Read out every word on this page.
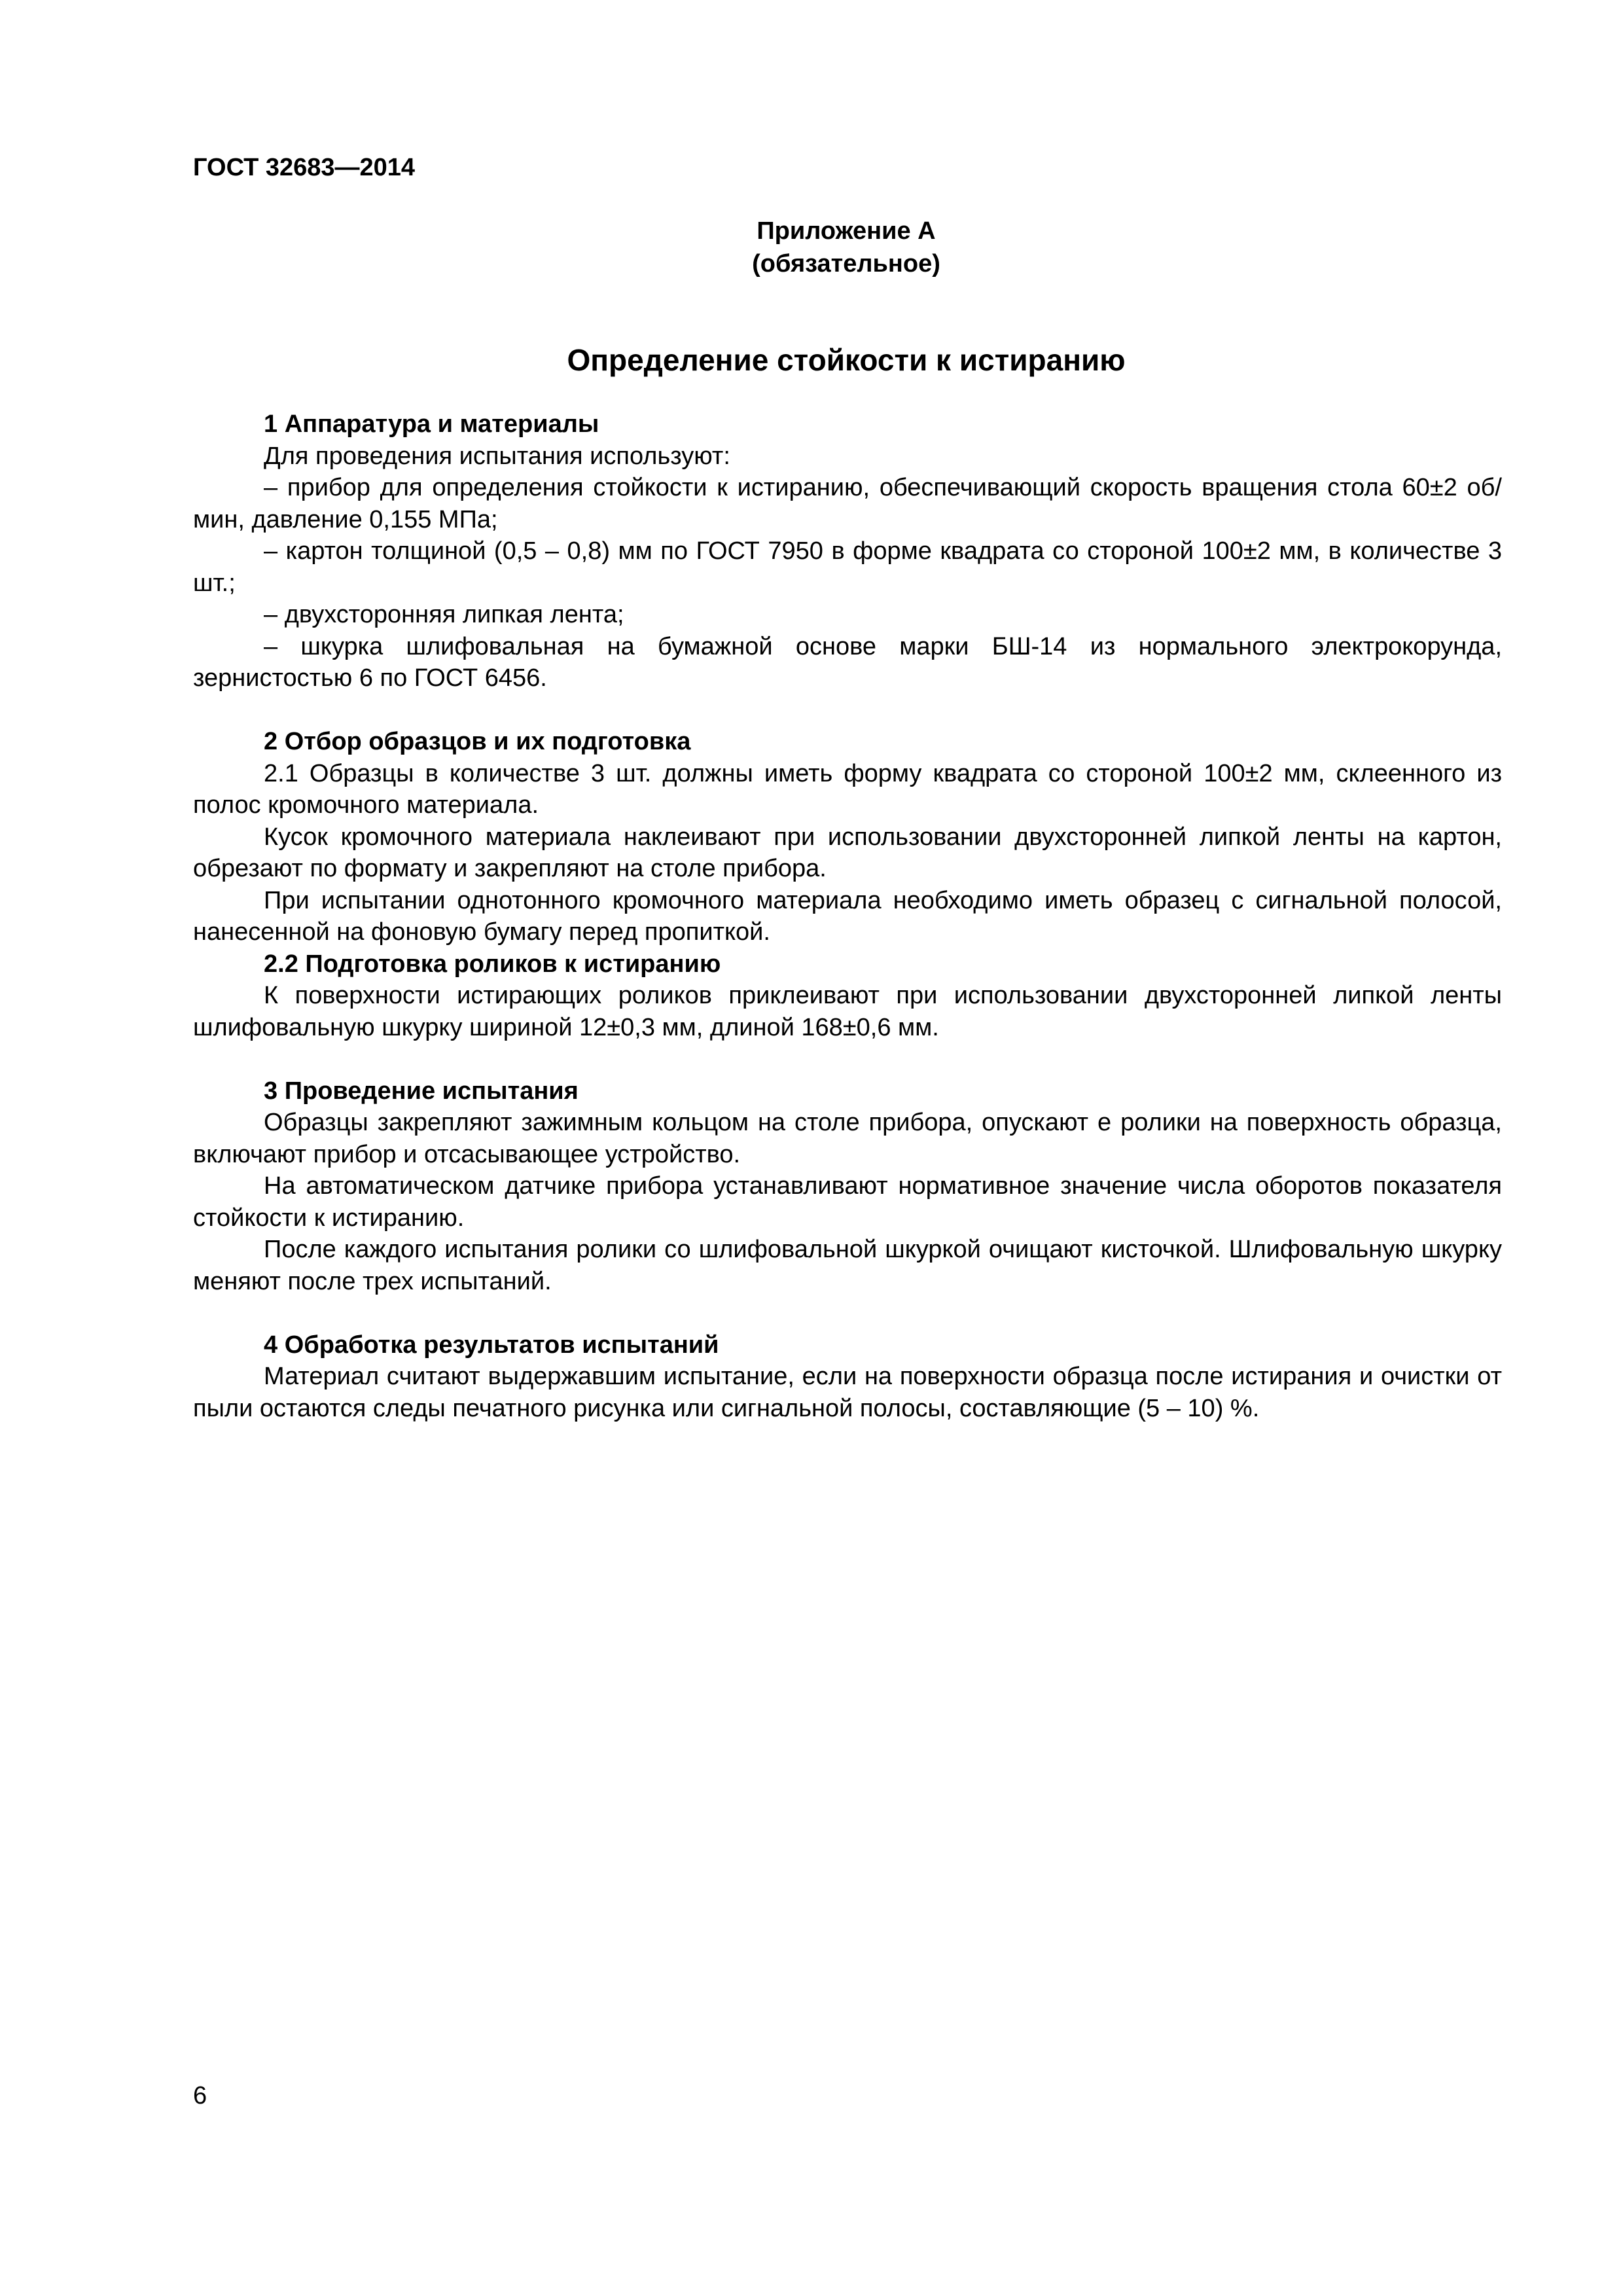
ГОСТ 32683—2014
Приложение А
(обязательное)
Определение стойкости к истиранию
1 Аппаратура и материалы

Для проведения испытания используют:

– прибор для определения стойкости к истиранию, обеспечивающий скорость вращения стола 60±2 об/мин, давление 0,155 МПа;

– картон толщиной (0,5 – 0,8) мм по ГОСТ 7950 в форме квадрата со стороной 100±2 мм, в количестве 3 шт.;

– двухсторонняя липкая лента;

– шкурка шлифовальная на бумажной основе марки БШ-14 из нормального электрокорунда, зернистостью 6 по ГОСТ 6456.

2 Отбор образцов и их подготовка

2.1 Образцы в количестве 3 шт. должны иметь форму квадрата со стороной 100±2 мм, склеенного из полос кромочного материала.

Кусок кромочного материала наклеивают при использовании двухсторонней липкой ленты на картон, обрезают по формату и закрепляют на столе прибора.

При испытании однотонного кромочного материала необходимо иметь образец с сигнальной полосой, нанесенной на фоновую бумагу перед пропиткой.

2.2 Подготовка роликов к истиранию

К поверхности истирающих роликов приклеивают при использовании двухсторонней липкой ленты шлифовальную шкурку шириной 12±0,3 мм, длиной 168±0,6 мм.

3 Проведение испытания

Образцы закрепляют зажимным кольцом на столе прибора, опускают е ролики на поверхность образца, включают прибор и отсасывающее устройство.

На автоматическом датчике прибора устанавливают нормативное значение числа оборотов показателя стойкости к истиранию.

После каждого испытания ролики со шлифовальной шкуркой очищают кисточкой. Шлифовальную шкурку меняют после трех испытаний.

4 Обработка результатов испытаний

Материал считают выдержавшим испытание, если на поверхности образца после истирания и очистки от пыли остаются следы печатного рисунка или сигнальной полосы, составляющие (5 – 10) %.

6
